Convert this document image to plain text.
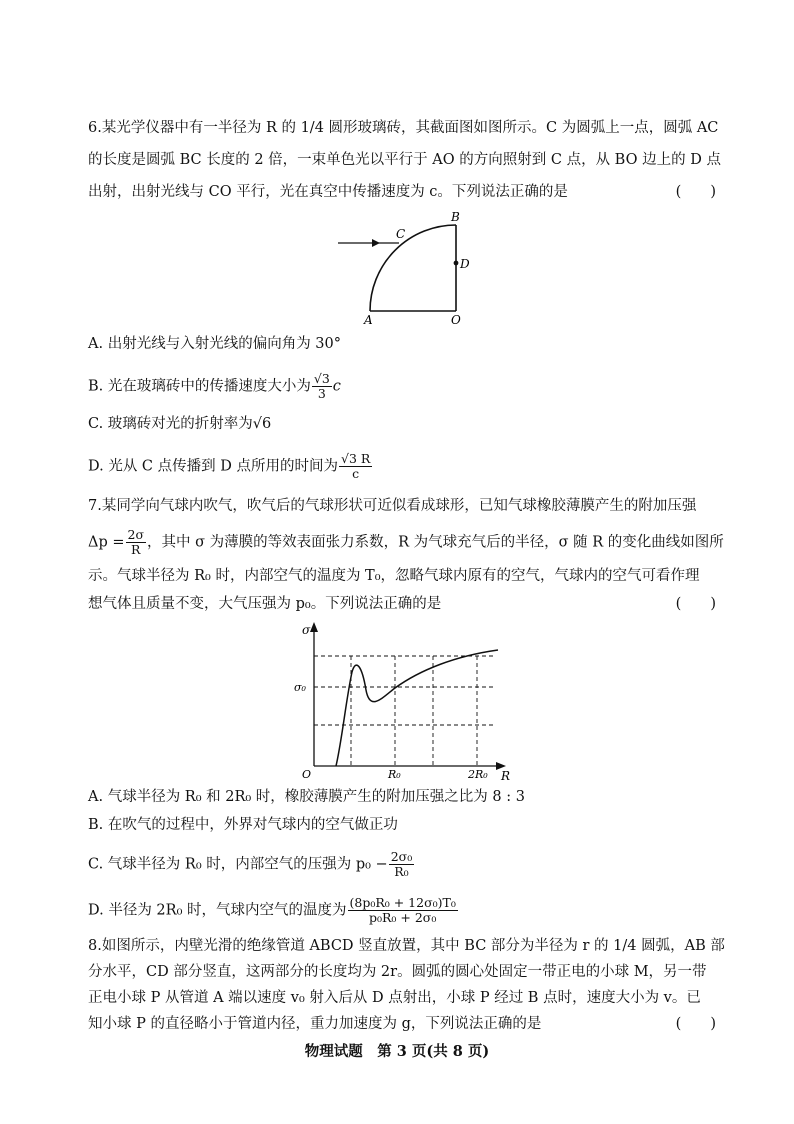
6.某光学仪器中有一半径为 R 的 1/4 圆形玻璃砖，其截面图如图所示。C 为圆弧上一点，圆弧 AC
的长度是圆弧 BC 长度的 2 倍，一束单色光以平行于 AO 的方向照射到 C 点，从 BO 边上的 D 点
出射，出射光线与 CO 平行，光在真空中传播速度为 c。下列说法正确的是	(　　)
C
B
D
A	O
A. 出射光线与入射光线的偏向角为 30°
B. 光在玻璃砖中的传播速度大小为 $\frac{√3}{3}$ c
C. 玻璃砖对光的折射率为√6
D. 光从 C 点传播到 D 点所用的时间为 $\frac{√3 R}{c}$
7.某同学向气球内吹气，吹气后的气球形状可近似看成球形，已知气球橡胶薄膜产生的附加压强
$\Delta p = \frac{2\sigma}{R}$ ，其中 σ 为薄膜的等效表面张力系数，R 为气球充气后的半径，σ 随 R 的变化曲线如图所
示。气球半径为 R₀ 时，内部空气的温度为 T₀，忽略气球内原有的空气，气球内的空气可看作理
想气体且质量不变，大气压强为 p₀。下列说法正确的是	(　　)
σ
R
O
σ₀
R₀	2R₀
A. 气球半径为 R₀ 和 2R₀ 时，橡胶薄膜产生的附加压强之比为 8 : 3
B. 在吹气的过程中，外界对气球内的空气做正功
C. 气球半径为 R₀ 时，内部空气的压强为 $p_0 - \frac{\text{2σ₀}}{\text{R₀}}$
D. 半径为 2R₀ 时，气球内空气的温度为 $\frac{\text{(8p₀R₀ + 12σ₀)T₀}}{\text{p₀R₀ + 2σ₀}}$
8.如图所示，内壁光滑的绝缘管道 ABCD 竖直放置，其中 BC 部分为半径为 r 的 1/4 圆弧，AB 部
分水平，CD 部分竖直，这两部分的长度均为 2r。圆弧的圆心处固定一带正电的小球 M，另一带
正电小球 P 从管道 A 端以速度 v₀ 射入后从 D 点射出，小球 P 经过 B 点时，速度大小为 v。已
知小球 P 的直径略小于管道内径，重力加速度为 g，下列说法正确的是	(　　)
物理试题　第 3 页(共 8 页)
